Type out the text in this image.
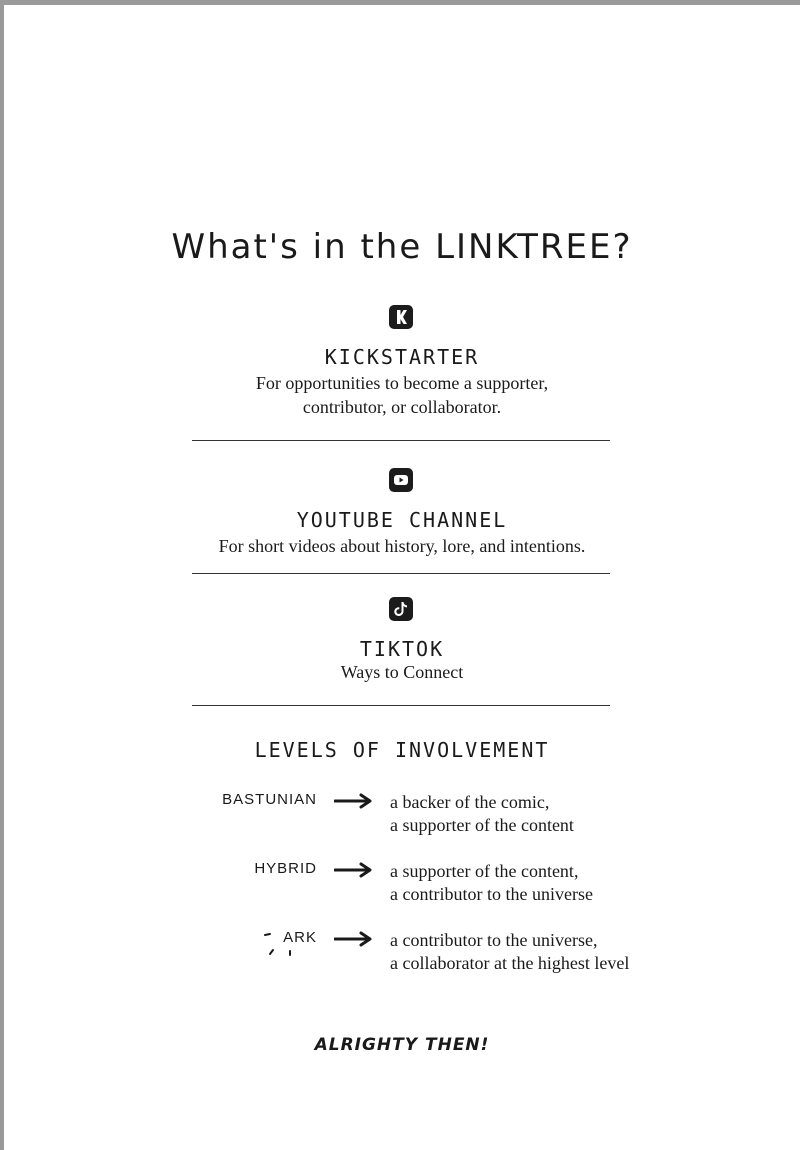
What's in the LINKTREE?
KICKSTARTER
For opportunities to become a supporter,
contributor, or collaborator.
YOUTUBE CHANNEL
For short videos about history, lore, and intentions.
TIKTOK
Ways to Connect
LEVELS OF INVOLVEMENT
BASTUNIAN	a backer of the comic,
a supporter of the content
HYBRID	a supporter of the content,
a contributor to the universe
ARK	a contributor to the universe,
a collaborator at the highest level
ALRIGHTY THEN!
